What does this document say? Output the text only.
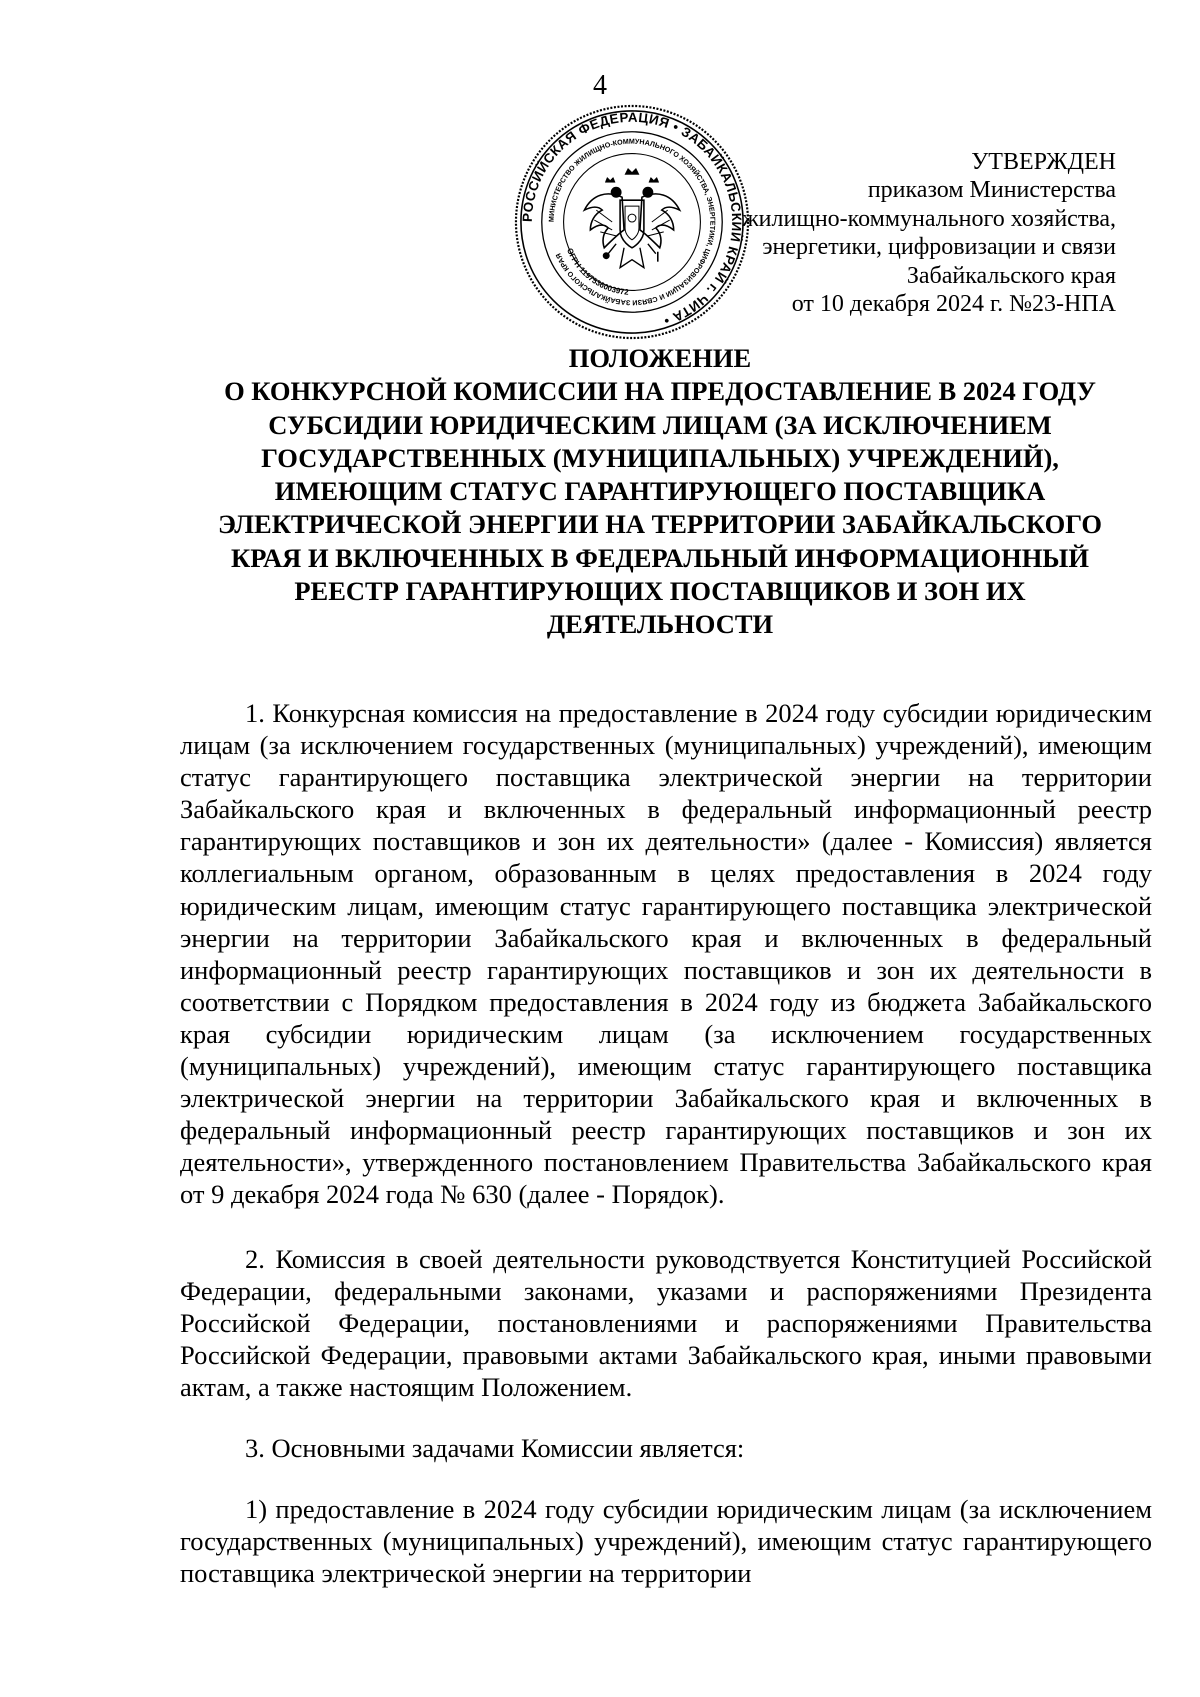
4
РОССИЙСКАЯ ФЕДЕРАЦИЯ • ЗАБАЙКАЛЬСКИЙ КРАЙ г. ЧИТА •
МИНИСТЕРСТВО ЖИЛИЩНО-КОММУНАЛЬНОГО ХОЗЯЙСТВА, ЭНЕРГЕТИКИ, ЦИФРОВИЗАЦИИ И СВЯЗИ ЗАБАЙКАЛЬСКОГО КРАЯ
ОГРН 1197536003972
УТВЕРЖДЕН
приказом Министерства
жилищно-коммунального хозяйства,
энергетики, цифровизации и связи
Забайкальского края
от 10 декабря 2024 г. №23-НПА
ПОЛОЖЕНИЕ
О КОНКУРСНОЙ КОМИССИИ НА ПРЕДОСТАВЛЕНИЕ В 2024 ГОДУ
СУБСИДИИ ЮРИДИЧЕСКИМ ЛИЦАМ (ЗА ИСКЛЮЧЕНИЕМ
ГОСУДАРСТВЕННЫХ (МУНИЦИПАЛЬНЫХ) УЧРЕЖДЕНИЙ),
ИМЕЮЩИМ СТАТУС ГАРАНТИРУЮЩЕГО ПОСТАВЩИКА
ЭЛЕКТРИЧЕСКОЙ ЭНЕРГИИ НА ТЕРРИТОРИИ ЗАБАЙКАЛЬСКОГО
КРАЯ И ВКЛЮЧЕННЫХ В ФЕДЕРАЛЬНЫЙ ИНФОРМАЦИОННЫЙ
РЕЕСТР ГАРАНТИРУЮЩИХ ПОСТАВЩИКОВ И ЗОН ИХ
ДЕЯТЕЛЬНОСТИ

1. Конкурсная комиссия на предоставление в 2024 году субсидии юридическим лицам (за исключением государственных (муниципальных) учреждений), имеющим статус гарантирующего поставщика электрической энергии на территории Забайкальского края и включенных в федеральный информационный реестр гарантирующих поставщиков и зон их деятельности» (далее - Комиссия) является коллегиальным органом, образованным в целях предоставления в 2024 году юридическим лицам, имеющим статус гарантирующего поставщика электрической энергии на территории Забайкальского края и включенных в федеральный информационный реестр гарантирующих поставщиков и зон их деятельности в соответствии с Порядком предоставления в 2024 году из бюджета Забайкальского края субсидии юридическим лицам (за исключением государственных (муниципальных) учреждений), имеющим статус гарантирующего поставщика электрической энергии на территории Забайкальского края и включенных в федеральный информационный реестр гарантирующих поставщиков и зон их деятельности», утвержденного постановлением Правительства Забайкальского края от 9 декабря 2024 года № 630 (далее - Порядок).

2. Комиссия в своей деятельности руководствуется Конституцией Российской Федерации, федеральными законами, указами и распоряжениями Президента Российской Федерации, постановлениями и распоряжениями Правительства Российской Федерации, правовыми актами Забайкальского края, иными правовыми актам, а также настоящим Положением.

3. Основными задачами Комиссии является:

1) предоставление в 2024 году субсидии юридическим лицам (за исключением государственных (муниципальных) учреждений), имеющим статус гарантирующего поставщика электрической энергии на территории
